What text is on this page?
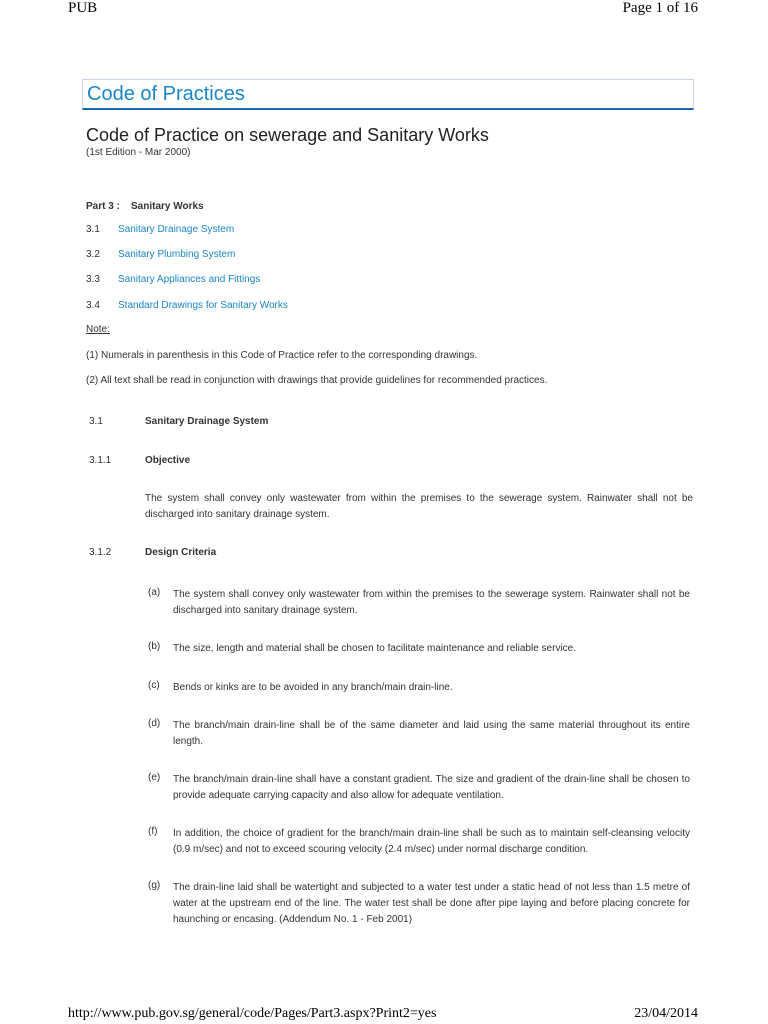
PUB	Page 1 of 16
Code of Practices
Code of Practice on sewerage and Sanitary Works
(1st Edition - Mar 2000)
Part 3 : Sanitary Works
3.1 Sanitary Drainage System
3.2 Sanitary Plumbing System
3.3 Sanitary Appliances and Fittings
3.4 Standard Drawings for Sanitary Works
Note:
(1) Numerals in parenthesis in this Code of Practice refer to the corresponding drawings.
(2) All text shall be read in conjunction with drawings that provide guidelines for recommended practices.
3.1	Sanitary Drainage System
3.1.1	Objective
The system shall convey only wastewater from within the premises to the sewerage system. Rainwater shall not be discharged into sanitary drainage system.
3.1.2	Design Criteria
(a) The system shall convey only wastewater from within the premises to the sewerage system. Rainwater shall not be discharged into sanitary drainage system.
(b) The size, length and material shall be chosen to facilitate maintenance and reliable service.
(c) Bends or kinks are to be avoided in any branch/main drain-line.
(d) The branch/main drain-line shall be of the same diameter and laid using the same material throughout its entire length.
(e) The branch/main drain-line shall have a constant gradient. The size and gradient of the drain-line shall be chosen to provide adequate carrying capacity and also allow for adequate ventilation.
(f) In addition, the choice of gradient for the branch/main drain-line shall be such as to maintain self-cleansing velocity (0.9 m/sec) and not to exceed scouring velocity (2.4 m/sec) under normal discharge condition.
(g) The drain-line laid shall be watertight and subjected to a water test under a static head of not less than 1.5 metre of water at the upstream end of the line. The water test shall be done after pipe laying and before placing concrete for haunching or encasing. (Addendum No. 1 - Feb 2001)
http://www.pub.gov.sg/general/code/Pages/Part3.aspx?Print2=yes	23/04/2014
